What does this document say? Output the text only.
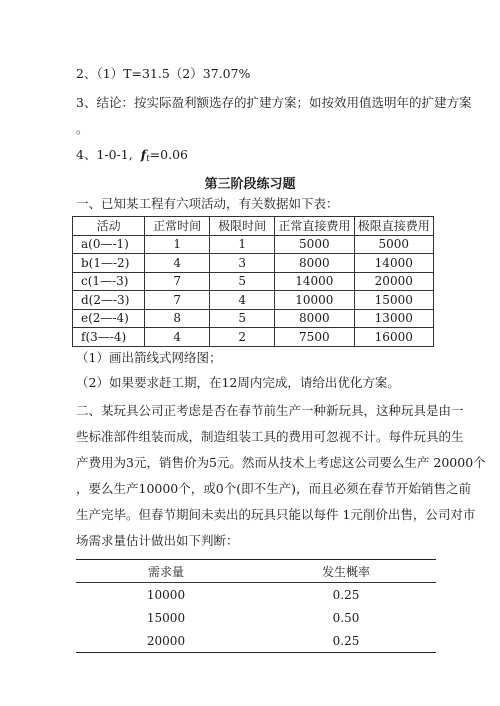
2、（1）T=31.5（2）37.07%
3、结论：按实际盈利额选存的扩建方案；如按效用值选明年的扩建方案
。
4、1-0-1, ft=0.06
第三阶段练习题
一、已知某工程有六项活动，有关数据如下表：
活动	正常时间	极限时间	正常直接费用	极限直接费用
a(0—-1)	1	1	5000	5000
b(1—-2)	4	3	8000	14000
c(1—-3)	7	5	14000	20000
d(2—-3)	7	4	10000	15000
e(2—-4)	8	5	8000	13000
f(3—-4)	4	2	7500	16000
（1）画出箭线式网络图；
（2）如果要求赶工期，在12周内完成，请给出优化方案。
二、某玩具公司正考虑是否在春节前生产一种新玩具，这种玩具是由一
些标准部件组装而成，制造组装工具的费用可忽视不计。每件玩具的生
产费用为3元，销售价为5元。然而从技术上考虑这公司要么生产 20000个
，要么生产10000个，或0个(即不生产)，而且必须在春节开始销售之前
生产完毕。但春节期间未卖出的玩具只能以每件 1元削价出售，公司对市
场需求量估计做出如下判断：
需求量	发生概率
10000	0.25
15000	0.50
20000	0.25
